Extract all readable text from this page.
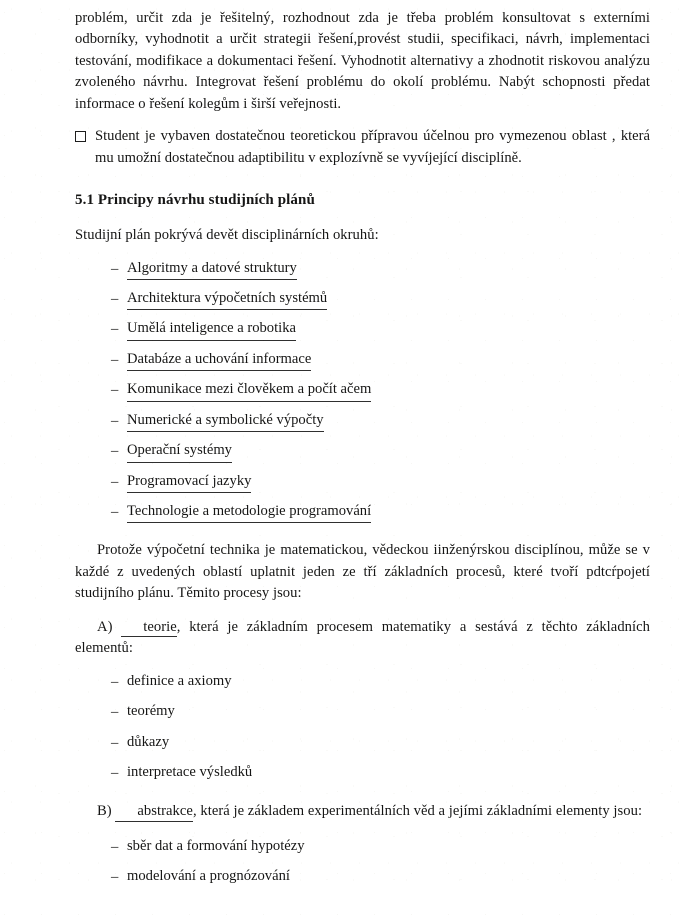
problém, určit zda je řešitelný, rozhodnout zda je třeba problém konsultovat s externími odborníky, vyhodnotit a určit strategii řešení,provést studii, specifikaci, návrh, implementaci testování, modifikace a dokumentaci řešení. Vyhodnotit alternativy a zhodnotit riskovou analýzu zvoleného návrhu. Integrovat řešení problému do okolí problému. Nabýt schopnosti předat informace o řešení kolegům i širší veřejnosti.

Student je vybaven dostatečnou teoretickou přípravou účelnou pro vymezenou oblast , která mu umožní dostatečnou adaptibilitu v explozívně se vyvíjející disciplíně.
5.1 Principy návrhu studijních plánů

Studijní plán pokrývá devět disciplinárních okruhů:

– Algoritmy a datové struktury
– Architektura výpočetních systémů
– Umělá inteligence a robotika
– Databáze a uchování informace
– Komunikace mezi člověkem a počít ačem
– Numerické a symbolické výpočty
– Operační systémy
– Programovací jazyky
– Technologie a metodologie programování

Protože výpočetní technika je matematickou, vědeckou iinženýrskou disciplínou, může se v každé z uvedených oblastí uplatnit jeden ze tří základních procesů, které tvoří pdtcŕpojetí studijního plánu. Těmito procesy jsou:

A) teorie, která je základním procesem matematiky a sestává z těchto základních elementů:

– definice a axiomy
– teorémy
– důkazy
– interpretace výsledků

B) abstrakce, která je základem experimentálních věd a jejími základními elementy jsou:

– sběr dat a formování hypotézy
– modelování a prognózování
